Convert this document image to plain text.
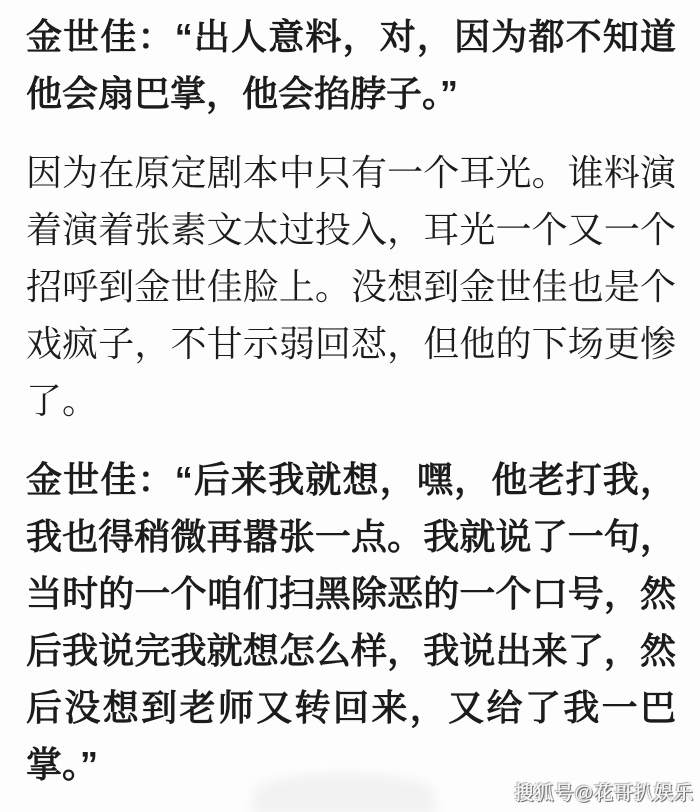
金世佳：“出人意料，对，因为都不知道他会扇巴掌，他会掐脖子。”

因为在原定剧本中只有一个耳光。谁料演着演着张素文太过投入，耳光一个又一个招呼到金世佳脸上。没想到金世佳也是个戏疯子，不甘示弱回怼，但他的下场更惨了。

金世佳：“后来我就想，嘿，他老打我，我也得稍微再嚣张一点。我就说了一句，当时的一个咱们扫黑除恶的一个口号，然后我说完我就想怎么样，我说出来了，然后没想到老师又转回来，又给了我一巴掌。”

搜狐号@花哥扒娱乐
